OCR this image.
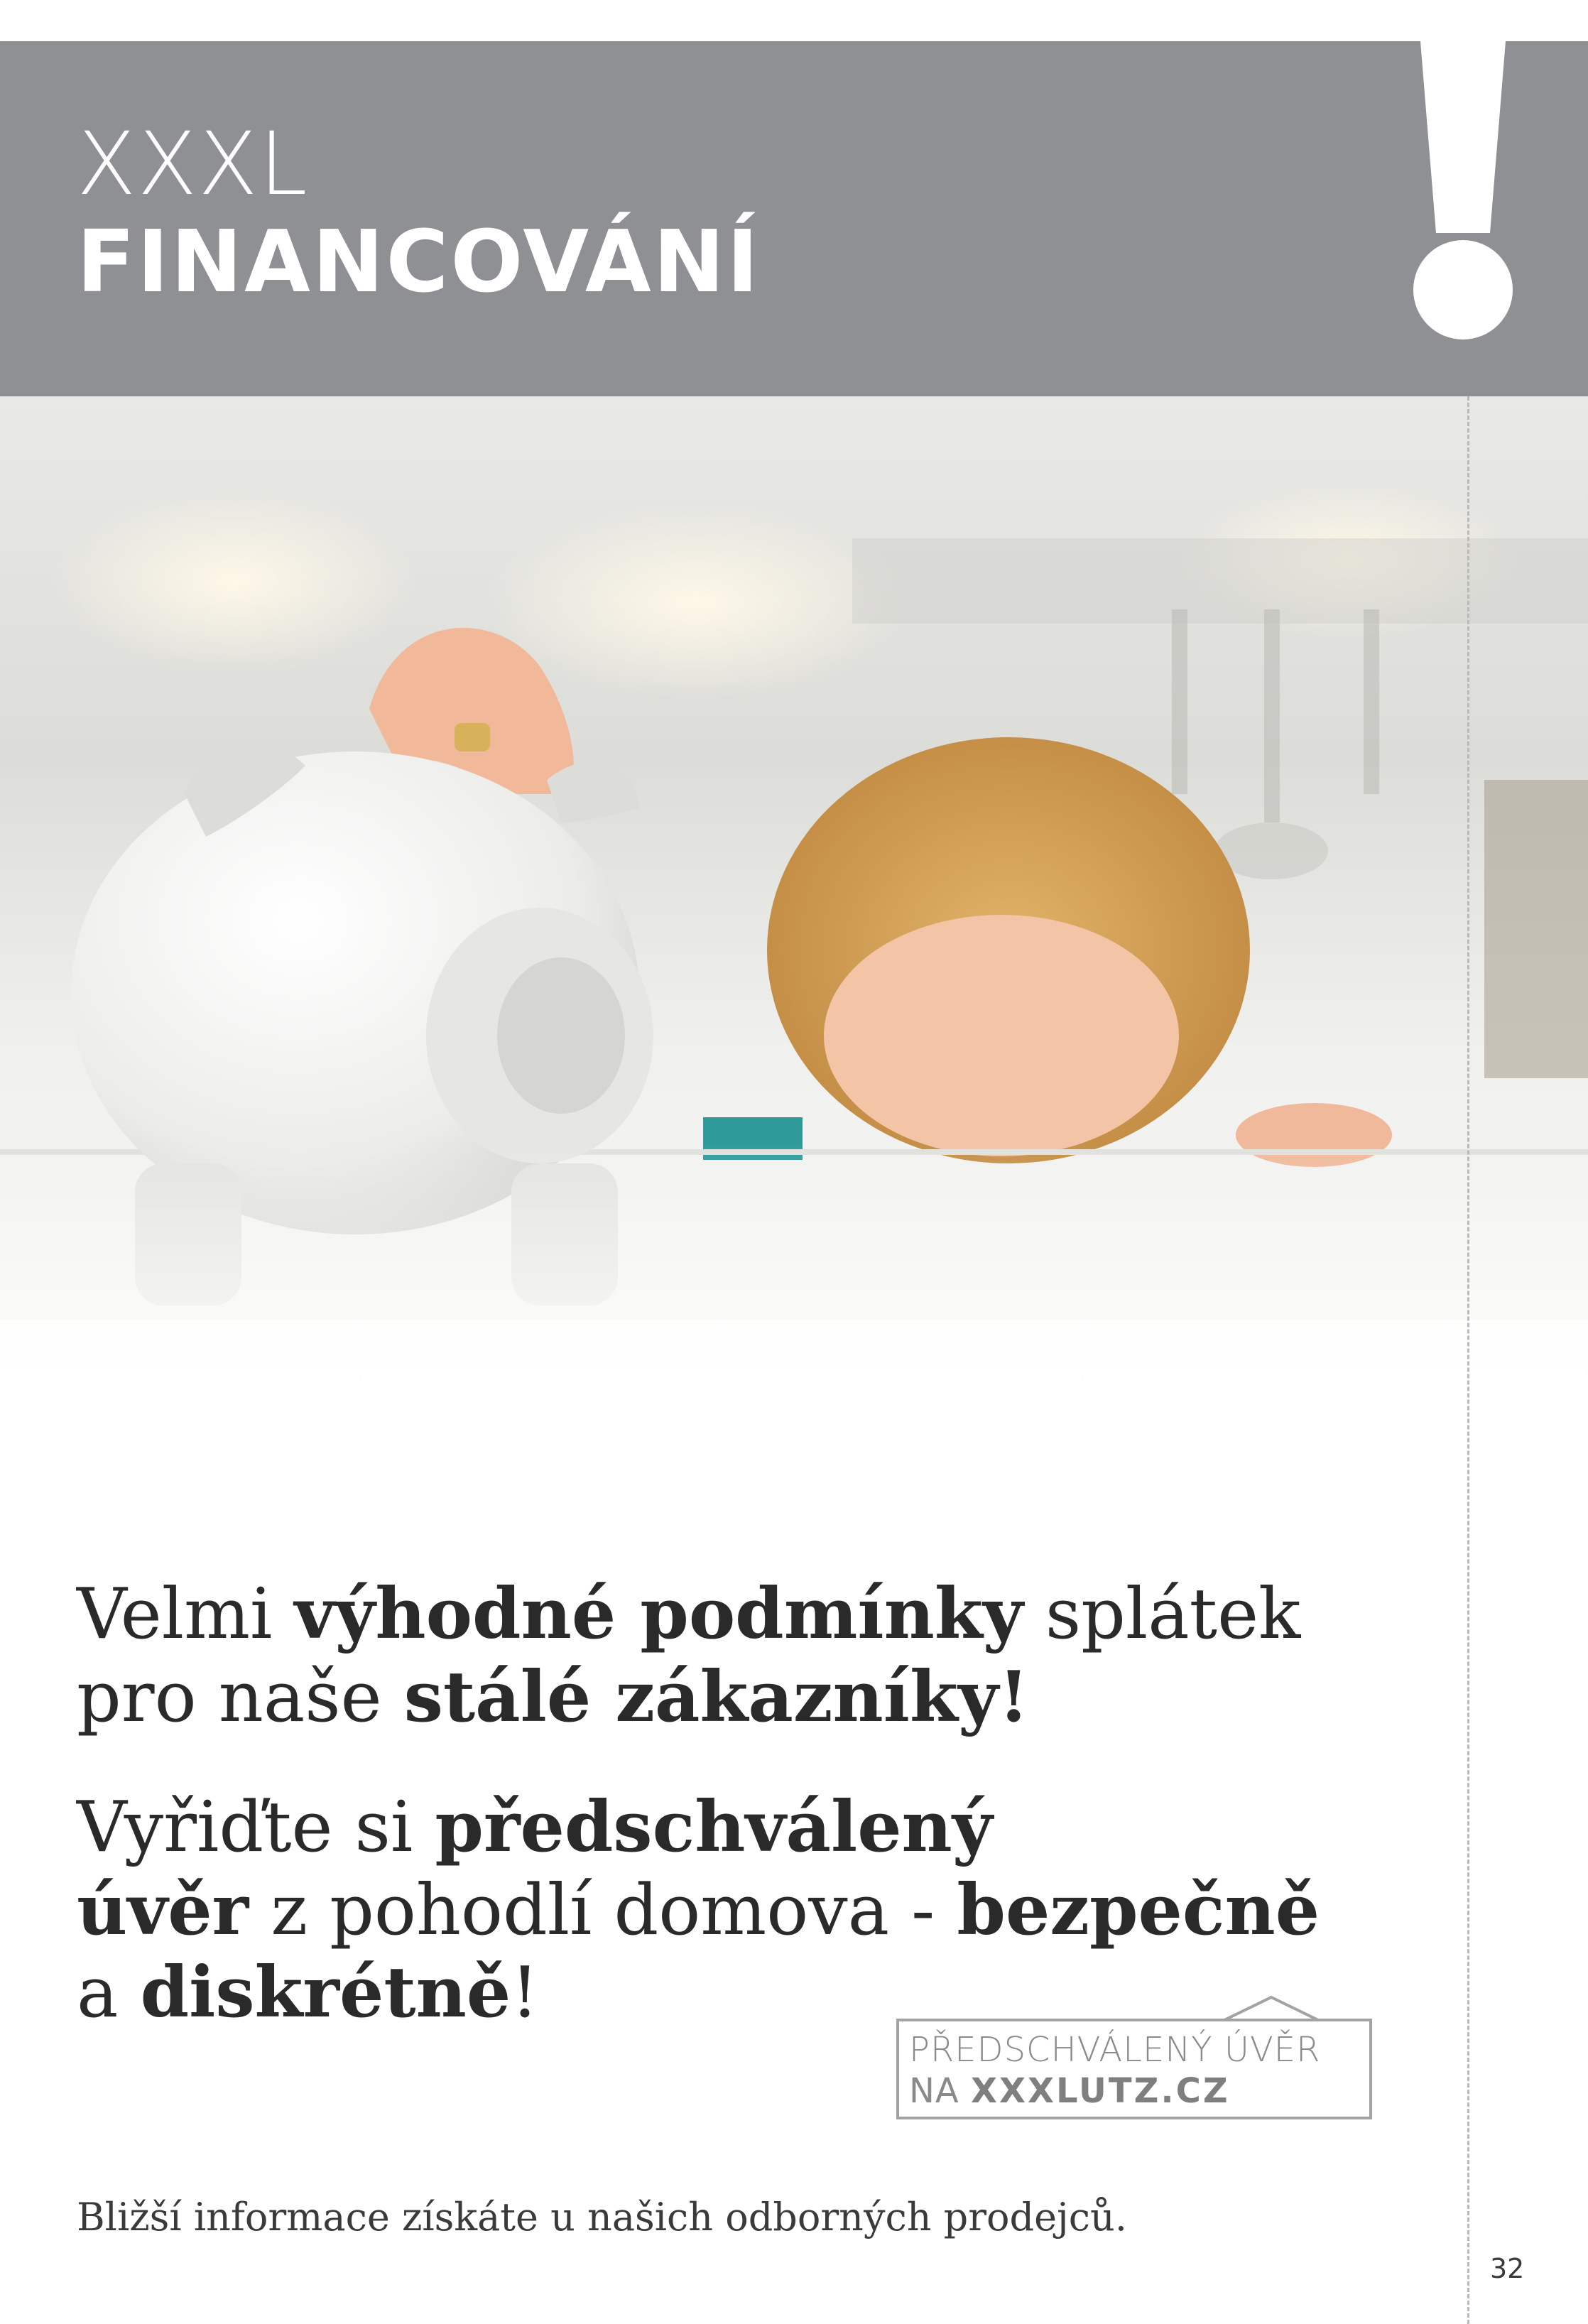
XXXL
FINANCOVÁNÍ
Velmi výhodné podmínky splátek
pro naše stálé zákazníky!
Vyřiďte si předschválený
úvěr z pohodlí domova - bezpečně
a diskrétně!
PŘEDSCHVÁLENÝ ÚVĚR
NA XXXLUTZ.CZ
Bližší informace získáte u našich odborných prodejců.
32
